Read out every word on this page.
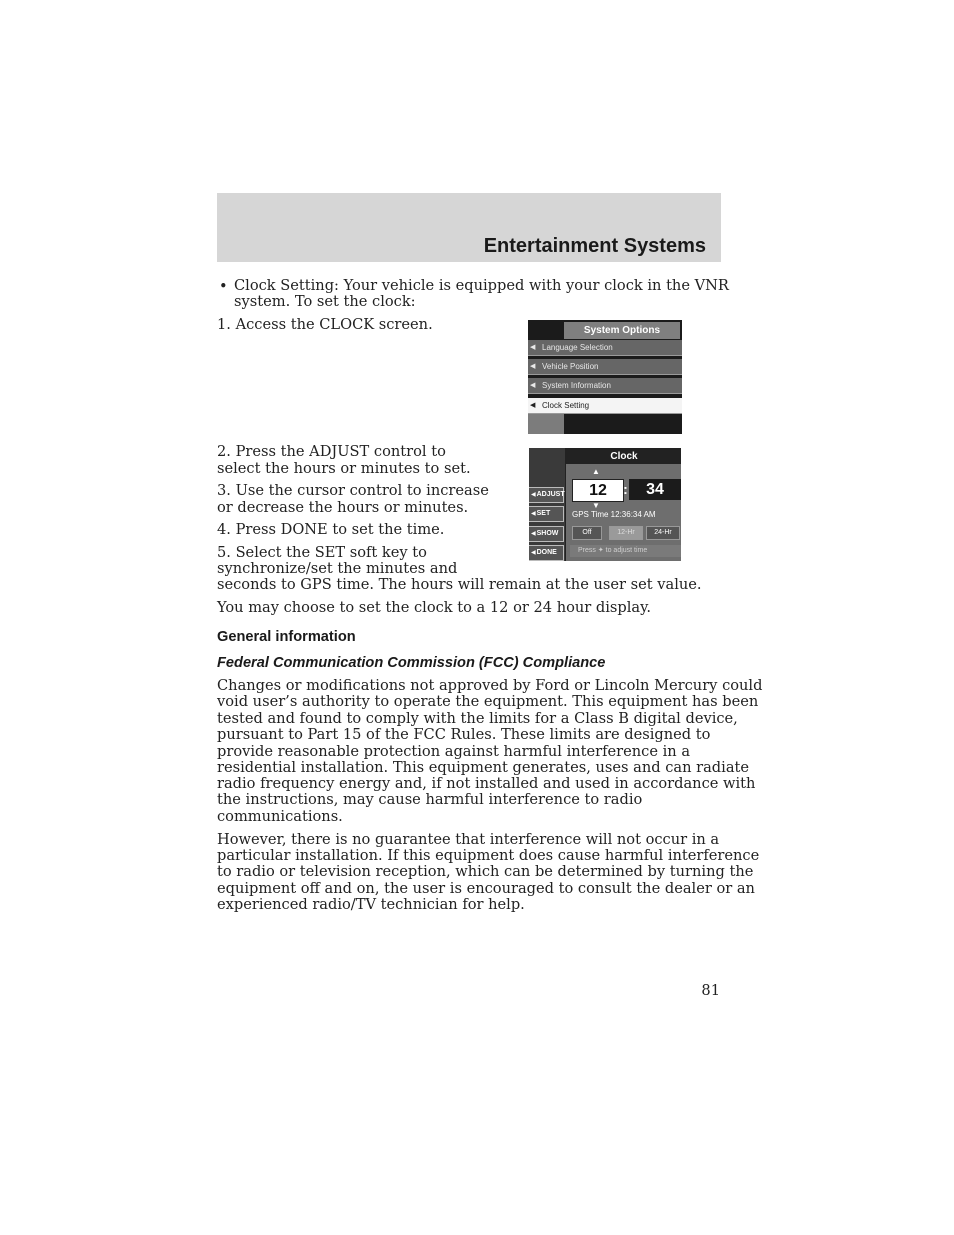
Entertainment Systems
• Clock Setting: Your vehicle is equipped with your clock in the VNR
system. To set the clock:
1. Access the CLOCK screen.	System Options
◀ Language Selection
◀ Vehicle Position
◀ System Information
◀ Clock Setting
2. Press the ADJUST control to
select the hours or minutes to set.
3. Use the cursor control to increase
or decrease the hours or minutes.
4. Press DONE to set the time.
5. Select the SET soft key to
synchronize/set the minutes and
seconds to GPS time. The hours will remain at the user set value.
Clock
◀ADJUST
◀SET
◀SHOW
◀DONE
▲
12	:	34
▼
GPS Time 12:36:34 AM
Off	12-Hr	24-Hr
Press ✦ to adjust time
You may choose to set the clock to a 12 or 24 hour display.
General information
Federal Communication Commission (FCC) Compliance
Changes or modifications not approved by Ford or Lincoln Mercury could
void user’s authority to operate the equipment. This equipment has been
tested and found to comply with the limits for a Class B digital device,
pursuant to Part 15 of the FCC Rules. These limits are designed to
provide reasonable protection against harmful interference in a
residential installation. This equipment generates, uses and can radiate
radio frequency energy and, if not installed and used in accordance with
the instructions, may cause harmful interference to radio
communications.
However, there is no guarantee that interference will not occur in a
particular installation. If this equipment does cause harmful interference
to radio or television reception, which can be determined by turning the
equipment off and on, the user is encouraged to consult the dealer or an
experienced radio/TV technician for help.
81
